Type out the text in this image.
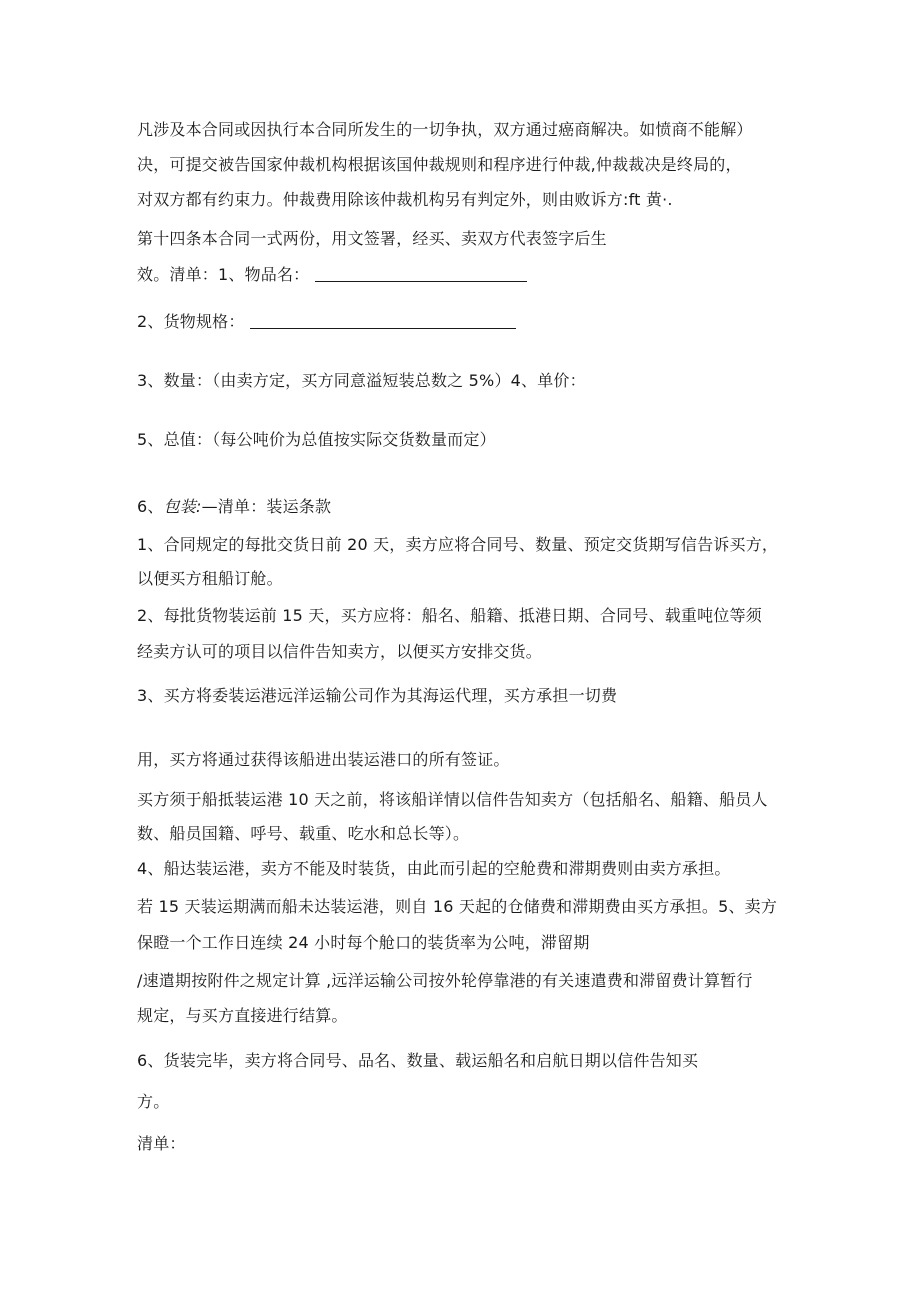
凡涉及本合同或因执行本合同所发生的一切争执，双方通过癌商解决。如愤商不能解）

决，可提交被告国家仲裁机构根据该国仲裁规则和程序进行仲裁,仲裁裁决是终局的，

对双方都有约束力。仲裁费用除该仲裁机构另有判定外，则由败诉方:ft 黄·.

第十四条本合同一式两份，用文签署，经买、卖双方代表签字后生

效。清单：1、物品名：

2、货物规格：

3、数量：（由卖方定，买方同意溢短装总数之 5%）4、单价：

5、总值：（每公吨价为总值按实际交货数量而定）

6、包装:—清单：装运条款

1、合同规定的每批交货日前 20 天，卖方应将合同号、数量、预定交货期写信告诉买方，

以便买方租船订舱。

2、每批货物装运前 15 天，买方应将：船名、船籍、抵港日期、合同号、载重吨位等须

经卖方认可的项目以信件告知卖方，以便买方安排交货。

3、买方将委装运港远洋运输公司作为其海运代理，买方承担一切费

用，买方将通过获得该船进出装运港口的所有签证。

买方须于船抵装运港 10 天之前，将该船详情以信件告知卖方（包括船名、船籍、船员人

数、船员国籍、呼号、载重、吃水和总长等）。

4、船达装运港，卖方不能及时装货，由此而引起的空舱费和滞期费则由卖方承担。

若 15 天装运期满而船未达装运港，则自 16 天起的仓储费和滞期费由买方承担。5、卖方

保瞪一个工作日连续 24 小时每个舱口的装货率为公吨，滞留期

/速遣期按附件之规定计算 ,远洋运输公司按外轮停靠港的有关速遣费和滞留费计算暂行

规定，与买方直接进行结算。

6、货装完毕，卖方将合同号、品名、数量、载运船名和启航日期以信件告知买

方。

清单：
